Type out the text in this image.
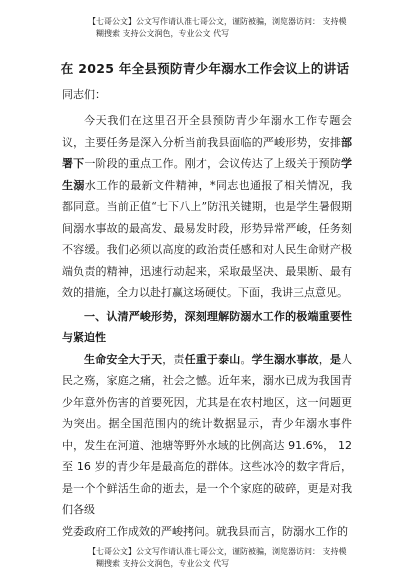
【七哥公文】公文写作请认准七哥公文，谨防被骗，浏览器访问： 支持模
糊搜索 支持公文润色，专业公文 代写
在 2025 年全县预防青少年溺水工作会议上的讲话
同志们：

今天我们在这里召开全县预防青少年溺水工作专题会议，主要任务是深入分析当前我县面临的严峻形势，安排部署下一阶段的重点工作。刚才，会议传达了上级关于预防学生溺水工作的最新文件精神，*同志也通报了相关情况，我都同意。当前正值“七下八上”防汛关键期，也是学生暑假期间溺水事故的最高发、最易发时段，形势异常严峻，任务刻不容缓。我们必须以高度的政治责任感和对人民生命财产极端负责的精神，迅速行动起来，采取最坚决、最果断、最有效的措施，全力以赴打赢这场硬仗。下面，我讲三点意见。

一、认清严峻形势，深刻理解防溺水工作的极端重要性与紧迫性

生命安全大于天，责任重于泰山。学生溺水事故，是人民之殇，家庭之痛，社会之憾。近年来，溺水已成为我国青少年意外伤害的首要死因，尤其是在农村地区，这一问题更为突出。据全国范围内的统计数据显示，青少年溺水事件中，发生在河道、池塘等野外水域的比例高达 91.6%， 12 至 16 岁的青少年是最高危的群体。这些冰冷的数字背后，是一个个鲜活生命的逝去，是一个个家庭的破碎，更是对我们各级

党委政府工作成效的严峻拷问。就我县而言，防溺水工作的

【七哥公文】公文写作请认准七哥公文，谨防被骗，浏览器访问： 支持模
糊搜索 支持公文润色，专业公文 代写
